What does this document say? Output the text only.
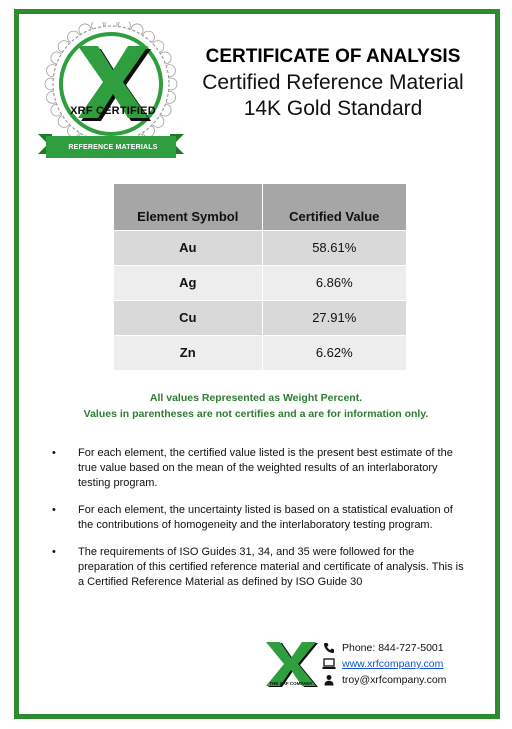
XRF CERTIFIED
REFERENCE MATERIALS
CERTIFICATE OF ANALYSIS
Certified Reference Material
14K Gold Standard
Element Symbol	Certified Value
Au	58.61%
Ag	6.86%
Cu	27.91%
Zn	6.62%
All values Represented as Weight Percent.
Values in parentheses are not certifies and a are for information only.
• For each element, the certified value listed is the present best estimate of the true value based on the mean of the weighted results of an interlaboratory testing program.
• For each element, the uncertainty listed is based on a statistical evaluation of the contributions of homogeneity and the interlaboratory testing program.
• The requirements of ISO Guides 31, 34, and 35 were followed for the preparation of this certified reference material and certificate of analysis. This is a Certified Reference Material as defined by ISO Guide 30
THE XRF COMPANY
Phone: 844-727-5001
www.xrfcompany.com
troy@xrfcompany.com
